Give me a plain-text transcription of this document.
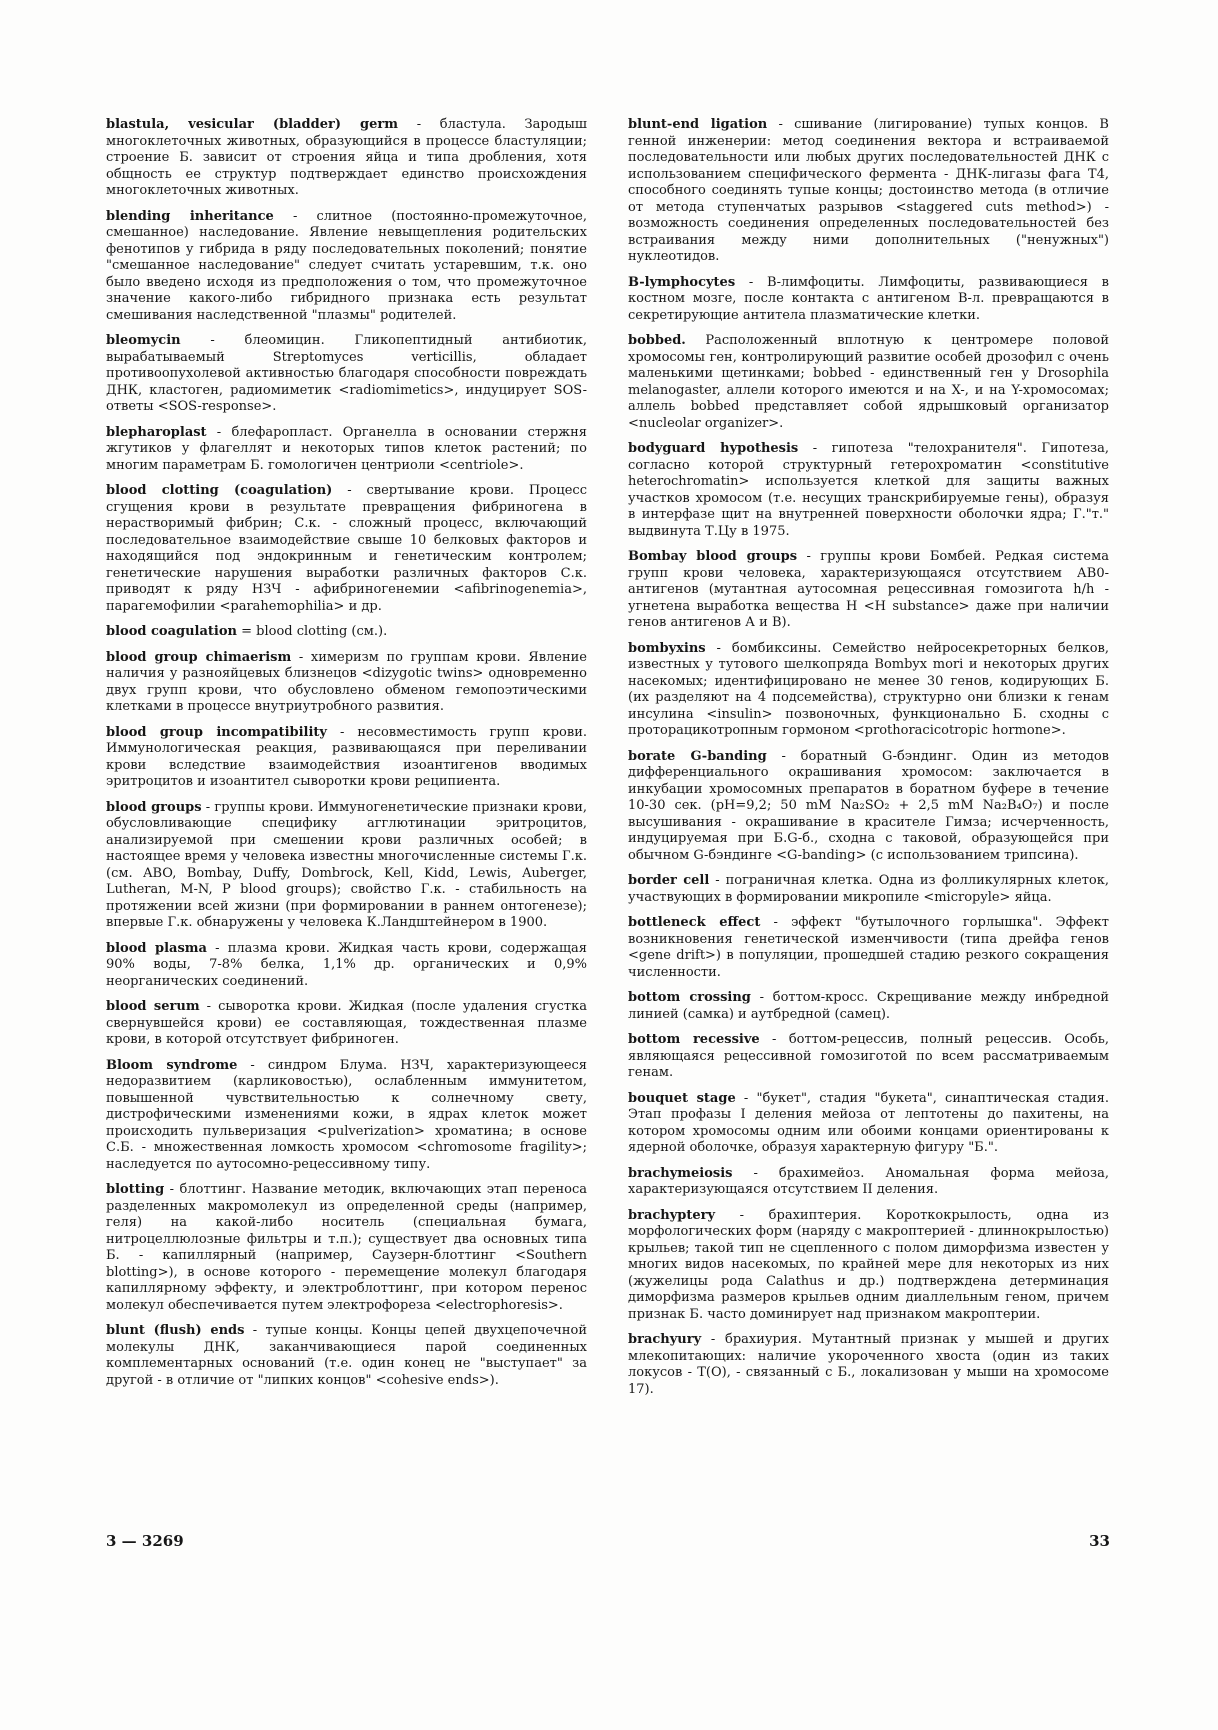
blastula, vesicular (bladder) germ - бластула. Зародыш многоклеточных животных, образующийся в процессе бластуляции; строение Б. зависит от строения яйца и типа дробления, хотя общность ее структур подтверждает единство происхождения многоклеточных животных.

blending inheritance - слитное (постоянно-промежуточное, смешанное) наследование. Явление невыщепления родительских фенотипов у гибрида в ряду последовательных поколений; понятие "смешанное наследование" следует считать устаревшим, т.к. оно было введено исходя из предположения о том, что промежуточное значение какого-либо гибридного признака есть результат смешивания наследственной "плазмы" родителей.

bleomycin - блеомицин. Гликопептидный антибиотик, вырабатываемый Streptomyces verticillis, обладает противоопухолевой активностью благодаря способности повреждать ДНК, кластоген, радиомиметик <radiomimetics>, индуцирует SOS-ответы <SOS-response>.

blepharoplast - блефаропласт. Органелла в основании стержня жгутиков у флагеллят и некоторых типов клеток растений; по многим параметрам Б. гомологичен центриоли <centriole>.

blood clotting (coagulation) - свертывание крови. Процесс сгущения крови в результате превращения фибриногена в нерастворимый фибрин; С.к. - сложный процесс, включающий последовательное взаимодействие свыше 10 белковых факторов и находящийся под эндокринным и генетическим контролем; генетические нарушения выработки различных факторов С.к. приводят к ряду НЗЧ - афибриногенемии <afibrinogenemia>, парагемофилии <parahemophilia> и др.

blood coagulation = blood clotting (см.).

blood group chimaerism - химеризм по группам крови. Явление наличия у разнояйцевых близнецов <dizygotic twins> одновременно двух групп крови, что обусловлено обменом гемопоэтическими клетками в процессе внутриутробного развития.

blood group incompatibility - несовместимость групп крови. Иммунологическая реакция, развивающаяся при переливании крови вследствие взаимодействия изоантигенов вводимых эритроцитов и изоантител сыворотки крови реципиента.

blood groups - группы крови. Иммуногенетические признаки крови, обусловливающие специфику агглютинации эритроцитов, анализируемой при смешении крови различных особей; в настоящее время у человека известны многочисленные системы Г.к. (см. ABO, Bombay, Duffy, Dombrock, Kell, Kidd, Lewis, Auberger, Lutheran, M-N, P blood groups); свойство Г.к. - стабильность на протяжении всей жизни (при формировании в раннем онтогенезе); впервые Г.к. обнаружены у человека К.Ландштейнером в 1900.

blood plasma - плазма крови. Жидкая часть крови, содержащая 90% воды, 7-8% белка, 1,1% др. органических и 0,9% неорганических соединений.

blood serum - сыворотка крови. Жидкая (после удаления сгустка свернувшейся крови) ее составляющая, тождественная плазме крови, в которой отсутствует фибриноген.

Bloom syndrome - синдром Блума. НЗЧ, характеризующееся недоразвитием (карликовостью), ослабленным иммунитетом, повышенной чувствительностью к солнечному свету, дистрофическими изменениями кожи, в ядрах клеток может происходить пульверизация <pulverization> хроматина; в основе С.Б. - множественная ломкость хромосом <chromosome fragility>; наследуется по аутосомно-рецессивному типу.

blotting - блоттинг. Название методик, включающих этап переноса разделенных макромолекул из определенной среды (например, геля) на какой-либо носитель (специальная бумага, нитроцеллюлозные фильтры и т.п.); существует два основных типа Б. - капиллярный (например, Саузерн-блоттинг <Southern blotting>), в основе которого - перемещение молекул благодаря капиллярному эффекту, и электроблоттинг, при котором перенос молекул обеспечивается путем электрофореза <electrophoresis>.

blunt (flush) ends - тупые концы. Концы цепей двухцепочечной молекулы ДНК, заканчивающиеся парой соединенных комплементарных оснований (т.е. один конец не "выступает" за другой - в отличие от "липких концов" <cohesive ends>).

blunt-end ligation - сшивание (лигирование) тупых концов. В генной инженерии: метод соединения вектора и встраиваемой последовательности или любых других последовательностей ДНК с использованием специфического фермента - ДНК-лигазы фага T4, способного соединять тупые концы; достоинство метода (в отличие от метода ступенчатых разрывов <staggered cuts method>) - возможность соединения определенных последовательностей без встраивания между ними дополнительных ("ненужных") нуклеотидов.

B-lymphocytes - В-лимфоциты. Лимфоциты, развивающиеся в костном мозге, после контакта с антигеном В-л. превращаются в секретирующие антитела плазматические клетки.

bobbed. Расположенный вплотную к центромере половой хромосомы ген, контролирующий развитие особей дрозофил с очень маленькими щетинками; bobbed - единственный ген у Drosophila melanogaster, аллели которого имеются и на X-, и на Y-хромосомах; аллель bobbed представляет собой ядрышковый организатор <nucleolar organizer>.

bodyguard hypothesis - гипотеза "телохранителя". Гипотеза, согласно которой структурный гетерохроматин <constitutive heterochromatin> используется клеткой для защиты важных участков хромосом (т.е. несущих транскрибируемые гены), образуя в интерфазе щит на внутренней поверхности оболочки ядра; Г."т." выдвинута Т.Цу в 1975.

Bombay blood groups - группы крови Бомбей. Редкая система групп крови человека, характеризующаяся отсутствием АВ0-антигенов (мутантная аутосомная рецессивная гомозигота h/h - угнетена выработка вещества H <H substance> даже при наличии генов антигенов А и В).

bombyxins - бомбиксины. Семейство нейросекреторных белков, известных у тутового шелкопряда Bombyx mori и некоторых других насекомых; идентифицировано не менее 30 генов, кодирующих Б. (их разделяют на 4 подсемейства), структурно они близки к генам инсулина <insulin> позвоночных, функционально Б. сходны с проторацикотропным гормоном <prothoracicotropic hormone>.

borate G-banding - боратный G-бэндинг. Один из методов дифференциального окрашивания хромосом: заключается в инкубации хромосомных препаратов в боратном буфере в течение 10-30 сек. (pH=9,2; 50 mM Na₂SO₂ + 2,5 mM Na₂B₄O₇) и после высушивания - окрашивание в красителе Гимза; исчерченность, индуцируемая при Б.G-б., сходна с таковой, образующейся при обычном G-бэндинге <G-banding> (с использованием трипсина).

border cell - пограничная клетка. Одна из фолликулярных клеток, участвующих в формировании микропиле <micropyle> яйца.

bottleneck effect - эффект "бутылочного горлышка". Эффект возникновения генетической изменчивости (типа дрейфа генов <gene drift>) в популяции, прошедшей стадию резкого сокращения численности.

bottom crossing - боттом-кросс. Скрещивание между инбредной линией (самка) и аутбредной (самец).

bottom recessive - боттом-рецессив, полный рецессив. Особь, являющаяся рецессивной гомозиготой по всем рассматриваемым генам.

bouquet stage - "букет", стадия "букета", синаптическая стадия. Этап профазы I деления мейоза от лептотены до пахитены, на котором хромосомы одним или обоими концами ориентированы к ядерной оболочке, образуя характерную фигуру "Б.".

brachymeiosis - брахимейоз. Аномальная форма мейоза, характеризующаяся отсутствием II деления.

brachyptery - брахиптерия. Короткокрылость, одна из морфологических форм (наряду с макроптерией - длиннокрылостью) крыльев; такой тип не сцепленного с полом диморфизма известен у многих видов насекомых, по крайней мере для некоторых из них (жужелицы рода Calathus и др.) подтверждена детерминация диморфизма размеров крыльев одним диаллельным геном, причем признак Б. часто доминирует над признаком макроптерии.

brachyury - брахиурия. Мутантный признак у мышей и других млекопитающих: наличие укороченного хвоста (один из таких локусов - T(O), - связанный с Б., локализован у мыши на хромосоме 17).

3 — 3269	33
